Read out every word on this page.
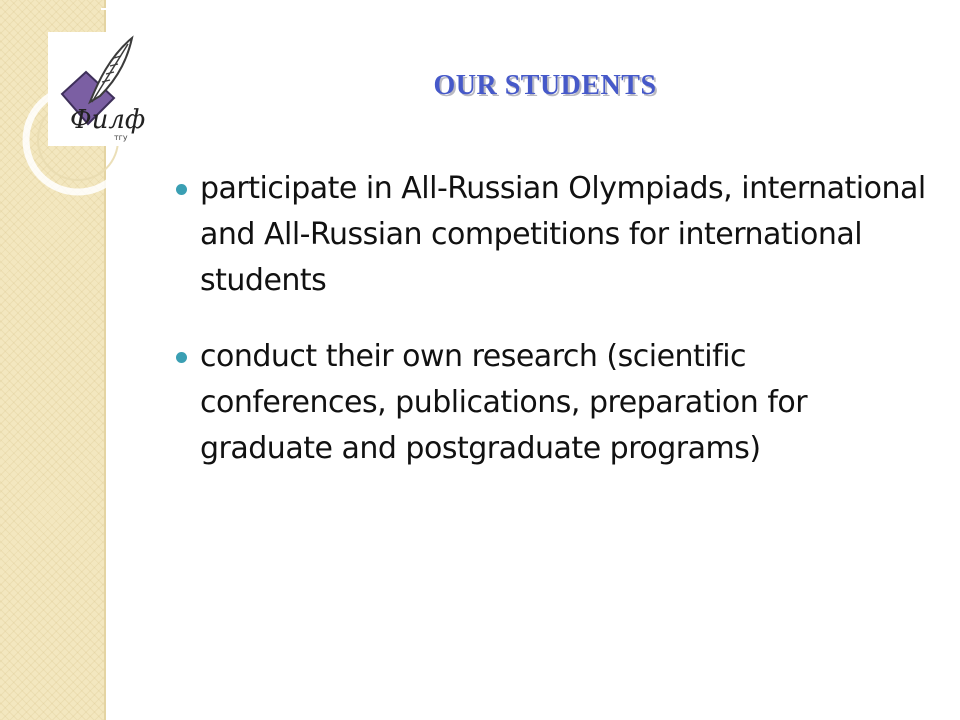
Филф
тгу
OUR STUDENTS
participate in All-Russian Olympiads, international and All-Russian competitions for international students
conduct their own research (scientific conferences, publications, preparation for graduate and postgraduate programs)
